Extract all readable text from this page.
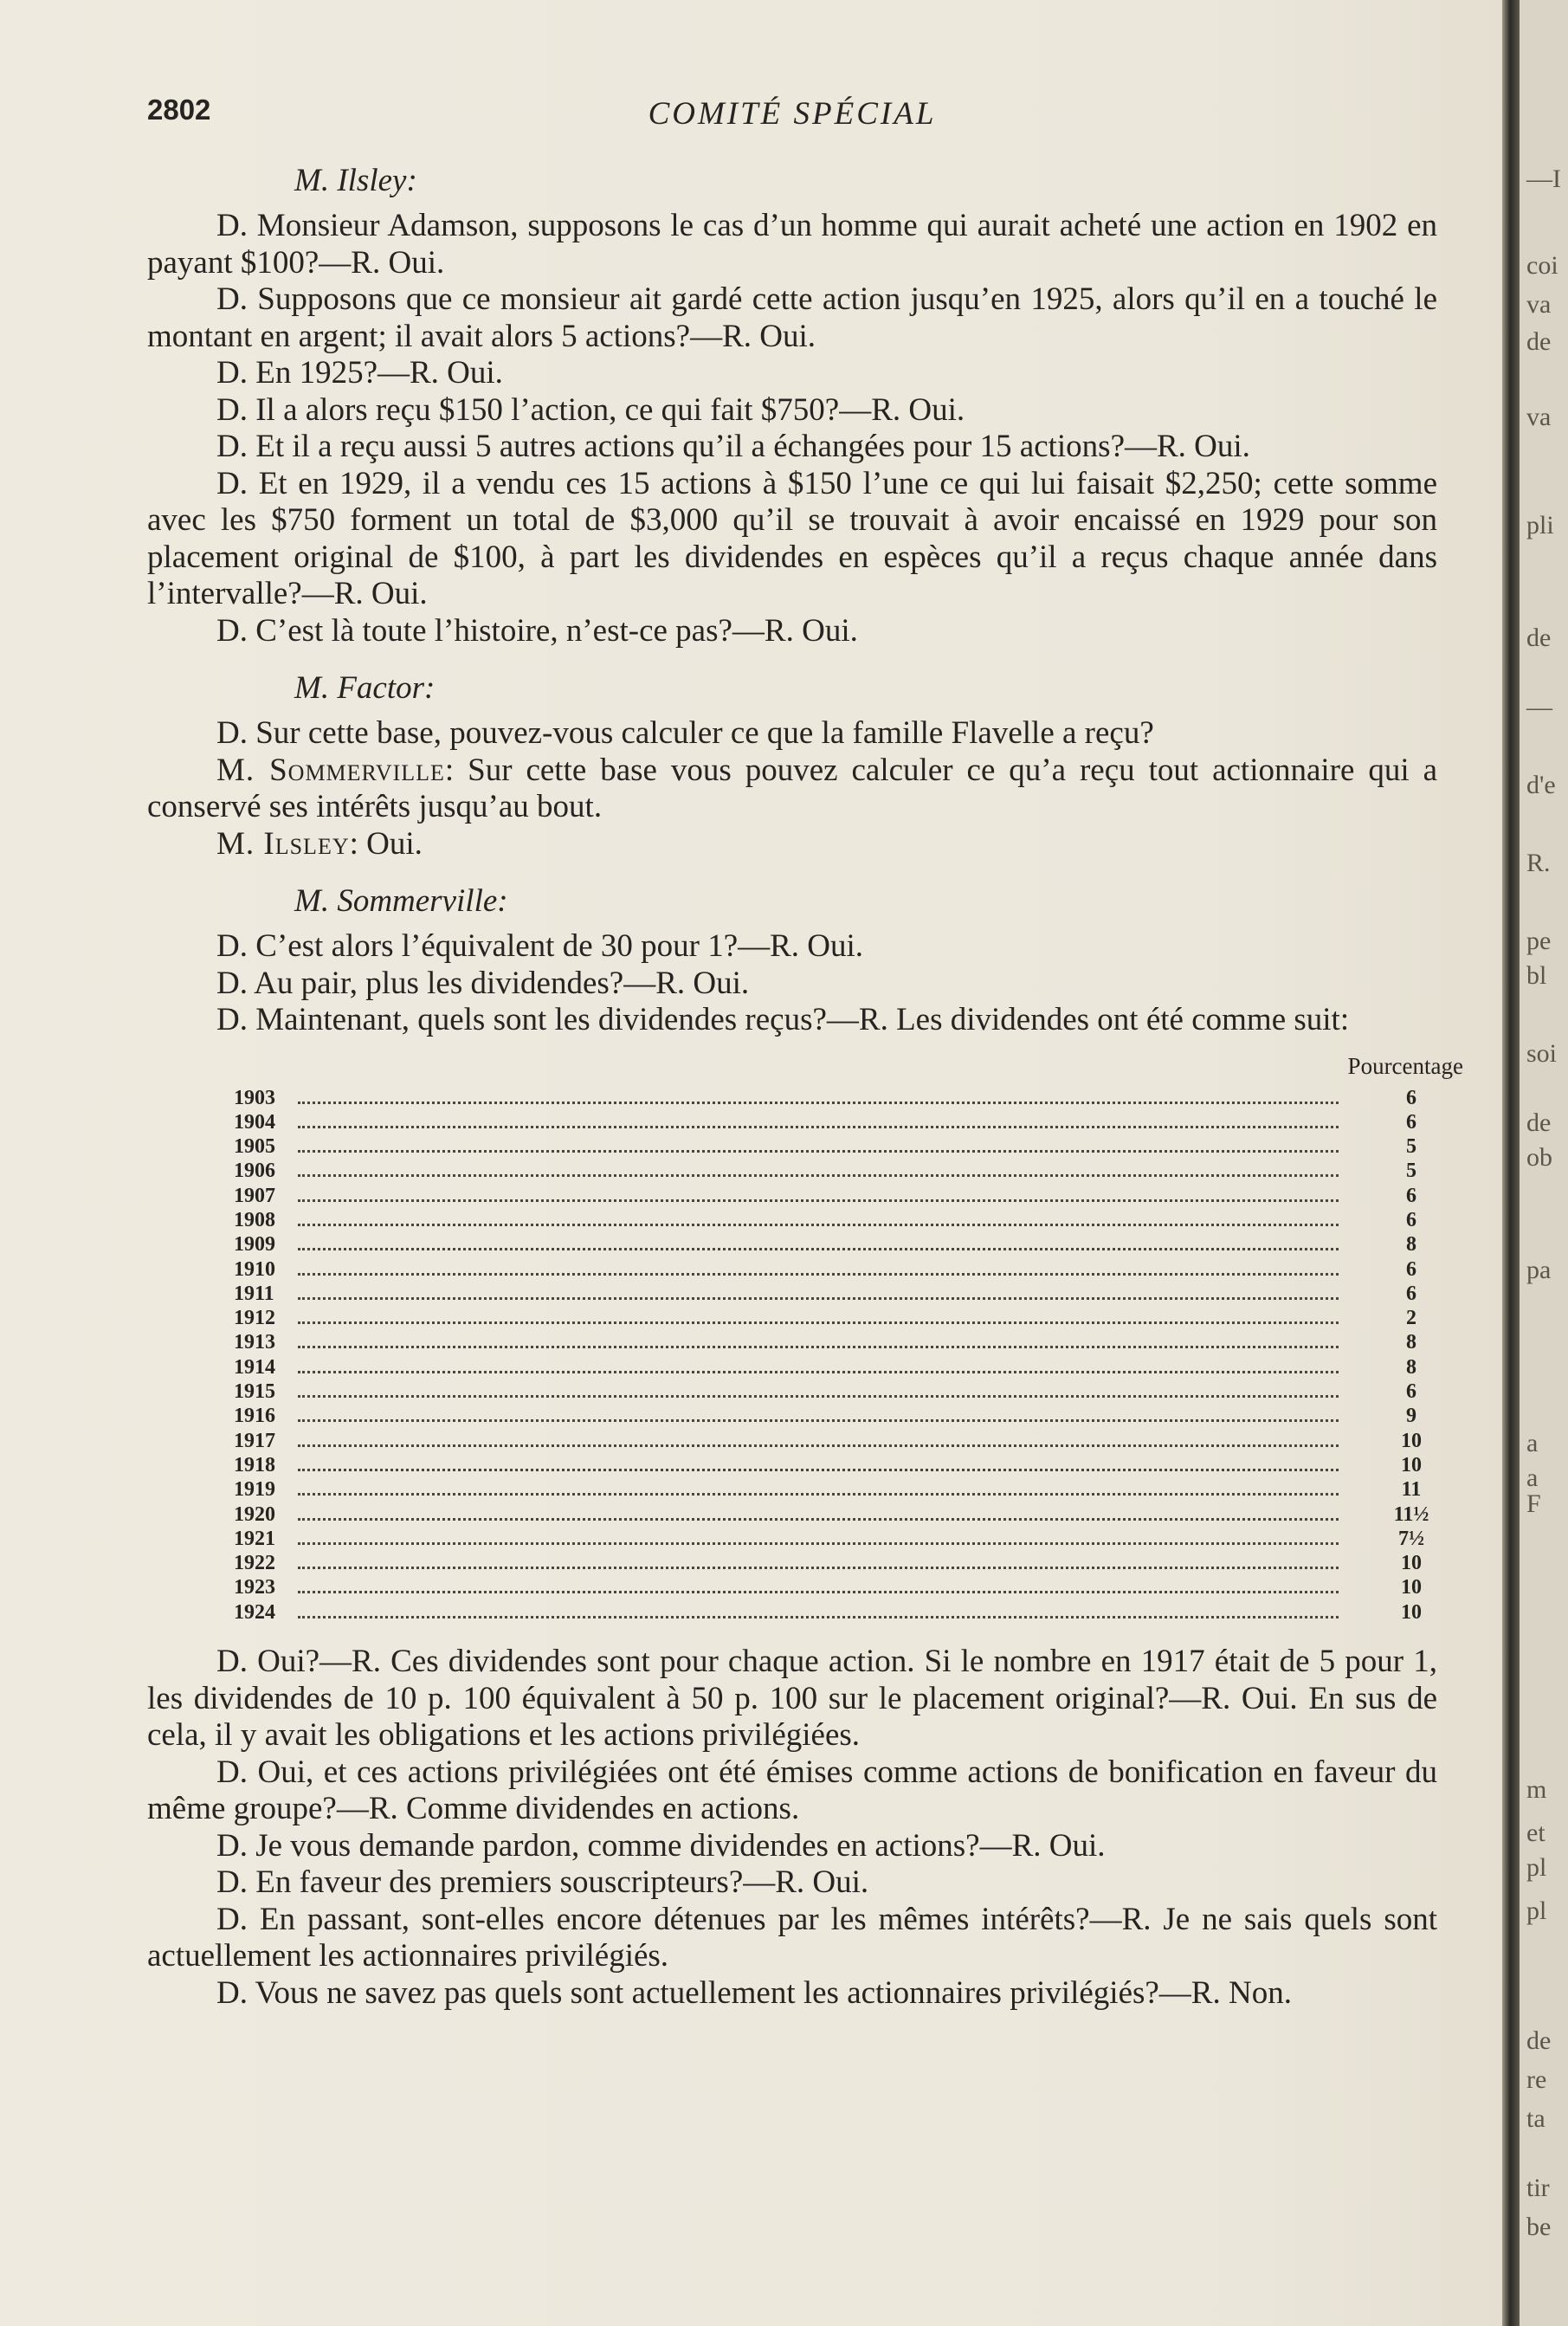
2802	COMITÉ SPÉCIAL
M. Ilsley:

D. Monsieur Adamson, supposons le cas d’un homme qui aurait acheté une action en 1902 en payant $100?—R. Oui.

D. Supposons que ce monsieur ait gardé cette action jusqu’en 1925, alors qu’il en a touché le montant en argent; il avait alors 5 actions?—R. Oui.

D. En 1925?—R. Oui.

D. Il a alors reçu $150 l’action, ce qui fait $750?—R. Oui.

D. Et il a reçu aussi 5 autres actions qu’il a échangées pour 15 actions?—R. Oui.

D. Et en 1929, il a vendu ces 15 actions à $150 l’une ce qui lui faisait $2,250; cette somme avec les $750 forment un total de $3,000 qu’il se trouvait à avoir encaissé en 1929 pour son placement original de $100, à part les dividendes en espèces qu’il a reçus chaque année dans l’intervalle?—R. Oui.

D. C’est là toute l’histoire, n’est-ce pas?—R. Oui.

M. Factor:

D. Sur cette base, pouvez-vous calculer ce que la famille Flavelle a reçu?

M. Sommerville: Sur cette base vous pouvez calculer ce qu’a reçu tout actionnaire qui a conservé ses intérêts jusqu’au bout.

M. Ilsley: Oui.

M. Sommerville:

D. C’est alors l’équivalent de 30 pour 1?—R. Oui.

D. Au pair, plus les dividendes?—R. Oui.

D. Maintenant, quels sont les dividendes reçus?—R. Les dividendes ont été comme suit:

Pourcentage
1903	6
1904	6
1905	5
1906	5
1907	6
1908	6
1909	8
1910	6
1911	6
1912	2
1913	8
1914	8
1915	6
1916	9
1917	10
1918	10
1919	11
1920	11½
1921	7½
1922	10
1923	10
1924	10

D. Oui?—R. Ces dividendes sont pour chaque action. Si le nombre en 1917 était de 5 pour 1, les dividendes de 10 p. 100 équivalent à 50 p. 100 sur le placement original?—R. Oui. En sus de cela, il y avait les obligations et les actions privilégiées.

D. Oui, et ces actions privilégiées ont été émises comme actions de bonification en faveur du même groupe?—R. Comme dividendes en actions.

D. Je vous demande pardon, comme dividendes en actions?—R. Oui.

D. En faveur des premiers souscripteurs?—R. Oui.

D. En passant, sont-elles encore détenues par les mêmes intérêts?—R. Je ne sais quels sont actuellement les actionnaires privilégiés.

D. Vous ne savez pas quels sont actuellement les actionnaires privilégiés?—R. Non.

—I
coi
va
de
va
pli
de
—
d'e
R.
pe
bl
soi
de
ob
pa
a
a
F
m
et
pl
pl
de
re
ta
tir
be
